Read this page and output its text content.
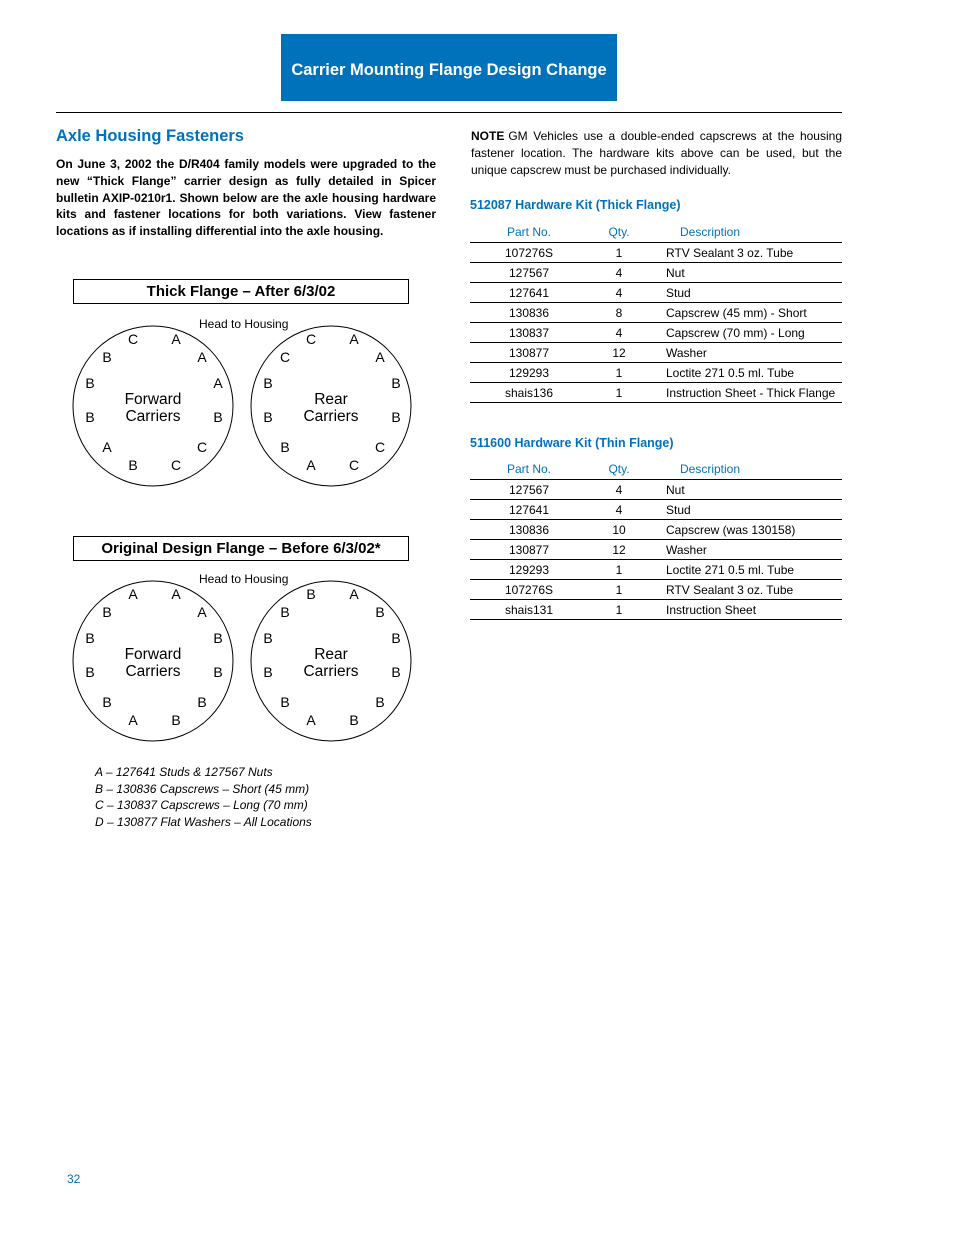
Carrier Mounting Flange Design Change
Axle Housing Fasteners
On June 3, 2002 the D/R404 family models were upgraded to the new “Thick Flange” carrier design as fully detailed in Spicer bulletin AXIP-0210r1. Shown below are the axle housing hardware kits and fastener locations for both variations. View fastener locations as if installing differential into the axle housing.
NOTE GM Vehicles use a double-ended capscrews at the housing fastener location. The hardware kits above can be used, but the unique capscrew must be purchased individually.
512087 Hardware Kit (Thick Flange)
Part No.	Qty.	Description
107276S	1	RTV Sealant 3 oz. Tube
127567	4	Nut
127641	4	Stud
130836	8	Capscrew (45 mm) - Short
130837	4	Capscrew (70 mm) - Long
130877	12	Washer
129293	1	Loctite 271 0.5 ml. Tube
shais136	1	Instruction Sheet - Thick Flange
511600 Hardware Kit (Thin Flange)
Part No.	Qty.	Description
127567	4	Nut
127641	4	Stud
130836	10	Capscrew (was 130158)
130877	12	Washer
129293	1	Loctite 271 0.5 ml. Tube
107276S	1	RTV Sealant 3 oz. Tube
shais131	1	Instruction Sheet
Thick Flange – After 6/3/02
Head to Housing
C A
A
A
B
C
C
B
A
B
B
B
Forward
Carriers
C A
A
B
B
C
C
A
B
B
B
C
Rear
Carriers
Original Design Flange – Before 6/3/02*
Head to Housing
A A
A
B
B
B
B
A
B
B
B
B
Forward
Carriers
B A
B
B
B
B
B
A
B
B
B
B
Rear
Carriers
A – 127641 Studs & 127567 Nuts
B – 130836 Capscrews – Short (45 mm)
C – 130837 Capscrews – Long (70 mm)
D – 130877 Flat Washers – All Locations
32
